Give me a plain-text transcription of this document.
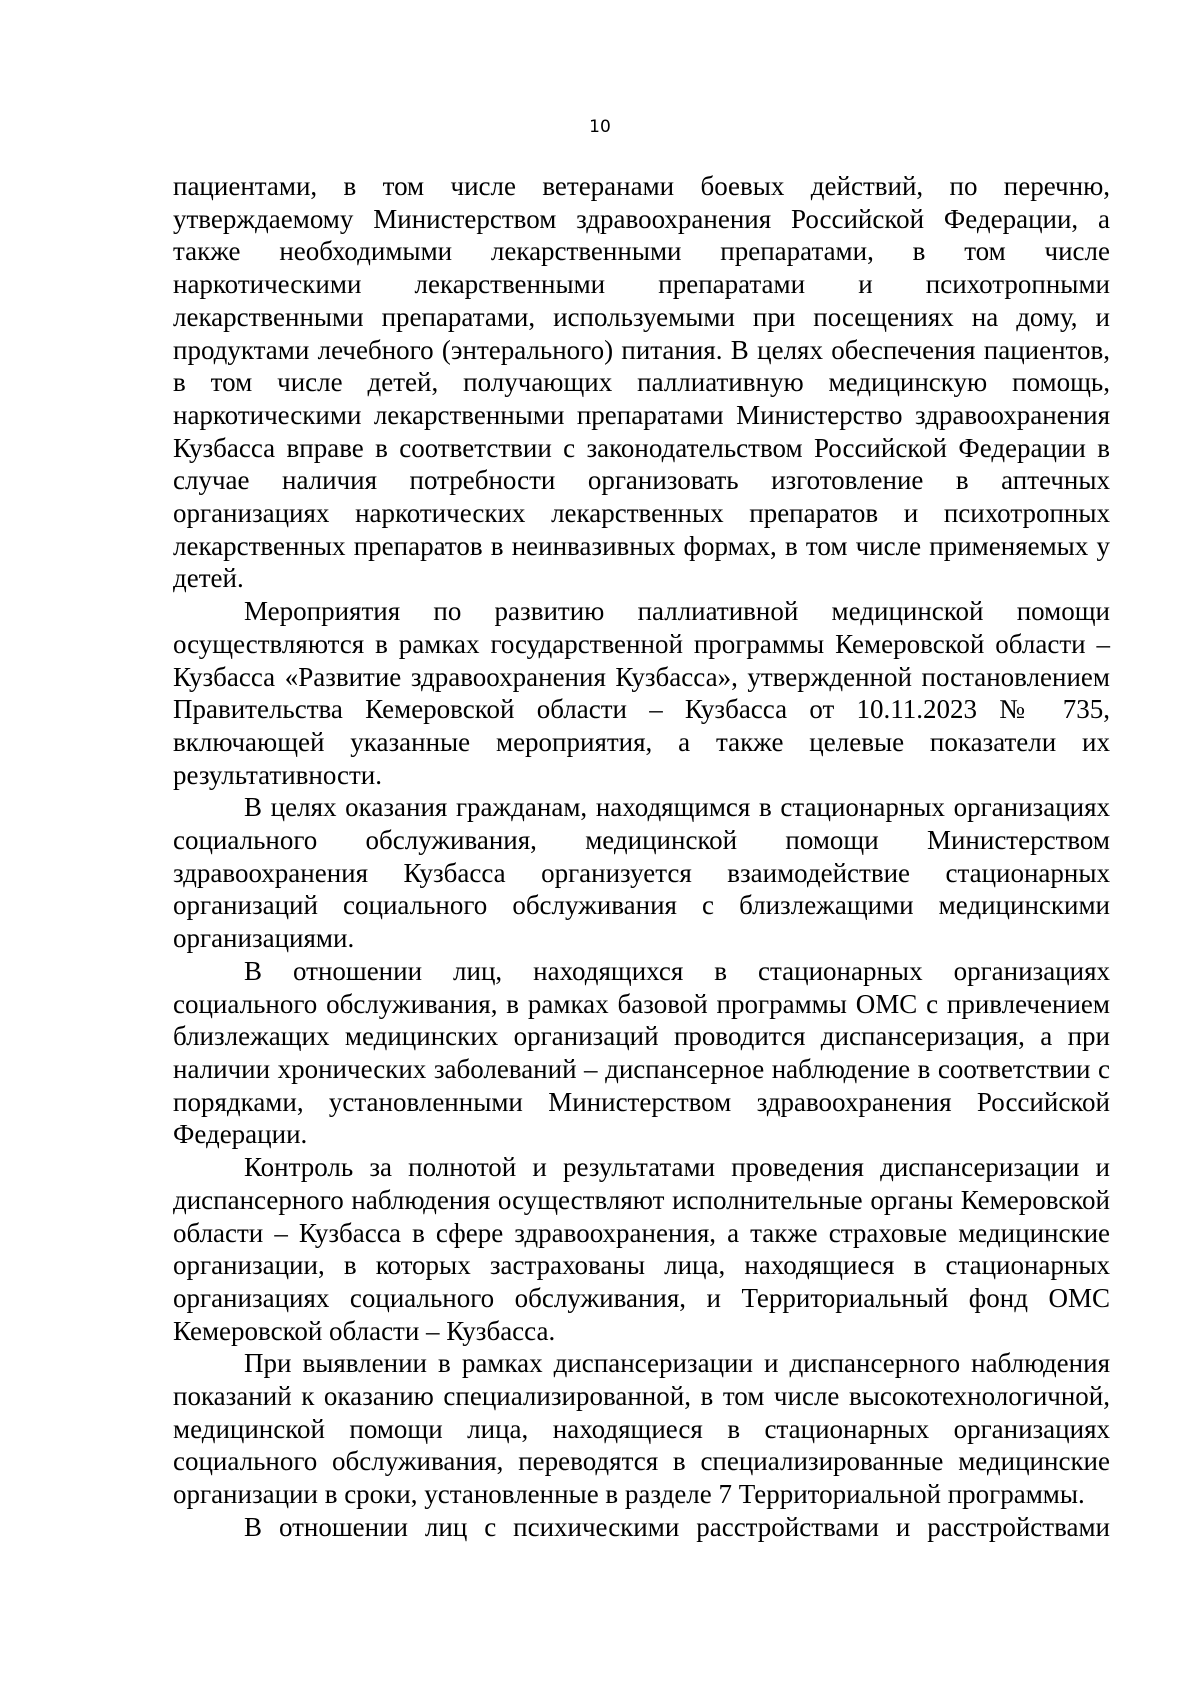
10

пациентами, в том числе ветеранами боевых действий, по перечню, утверждаемому Министерством здравоохранения Российской Федерации, а также необходимыми лекарственными препаратами, в том числе наркотическими лекарственными препаратами и психотропными лекарственными препаратами, используемыми при посещениях на дому, и продуктами лечебного (энтерального) питания. В целях обеспечения пациентов, в том числе детей, получающих паллиативную медицинскую помощь, наркотическими лекарственными препаратами Министерство здравоохранения Кузбасса вправе в соответствии с законодательством Российской Федерации в случае наличия потребности организовать изготовление в аптечных организациях наркотических лекарственных препаратов и психотропных лекарственных препаратов в неинвазивных формах, в том числе применяемых у детей.

Мероприятия по развитию паллиативной медицинской помощи осуществляются в рамках государственной программы Кемеровской области – Кузбасса «Развитие здравоохранения Кузбасса», утвержденной постановлением Правительства Кемеровской области – Кузбасса от 10.11.2023 № 735, включающей указанные мероприятия, а также целевые показатели их результативности.

В целях оказания гражданам, находящимся в стационарных организациях социального обслуживания, медицинской помощи Министерством здравоохранения Кузбасса организуется взаимодействие стационарных организаций социального обслуживания с близлежащими медицинскими организациями.

В отношении лиц, находящихся в стационарных организациях социального обслуживания, в рамках базовой программы ОМС с привлечением близлежащих медицинских организаций проводится диспансеризация, а при наличии хронических заболеваний – диспансерное наблюдение в соответствии с порядками, установленными Министерством здравоохранения Российской Федерации.

Контроль за полнотой и результатами проведения диспансеризации и диспансерного наблюдения осуществляют исполнительные органы Кемеровской области – Кузбасса в сфере здравоохранения, а также страховые медицинские организации, в которых застрахованы лица, находящиеся в стационарных организациях социального обслуживания, и Территориальный фонд ОМС Кемеровской области – Кузбасса.

При выявлении в рамках диспансеризации и диспансерного наблюдения показаний к оказанию специализированной, в том числе высокотехнологичной, медицинской помощи лица, находящиеся в стационарных организациях социального обслуживания, переводятся в специализированные медицинские организации в сроки, установленные в разделе 7 Территориальной программы.

В отношении лиц с психическими расстройствами и расстройствами
